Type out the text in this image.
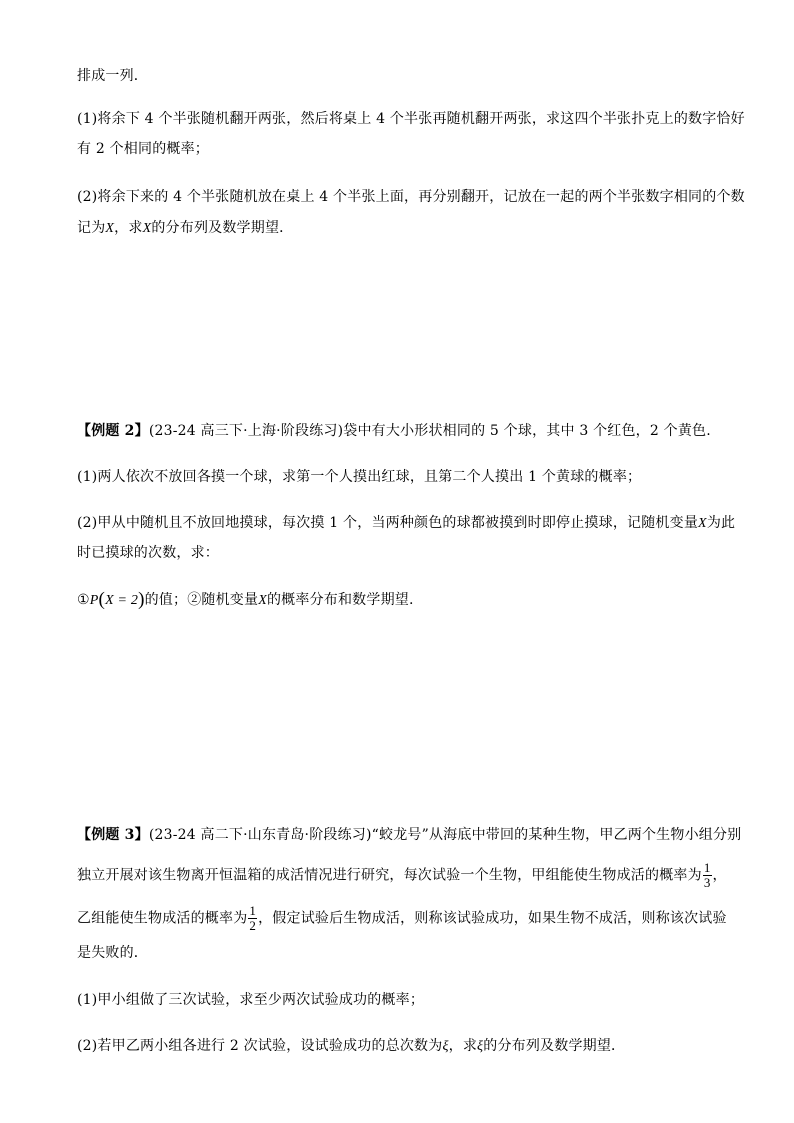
排成一列．
(1)将余下 4 个半张随机翻开两张，然后将桌上 4 个半张再随机翻开两张，求这四个半张扑克上的数字恰好
有 2 个相同的概率；
(2)将余下来的 4 个半张随机放在桌上 4 个半张上面，再分别翻开，记放在一起的两个半张数字相同的个数
记为X，求X的分布列及数学期望．
【例题 2】(23-24 高三下·上海·阶段练习)袋中有大小形状相同的 5 个球，其中 3 个红色，2 个黄色.
(1)两人依次不放回各摸一个球，求第一个人摸出红球，且第二个人摸出 1 个黄球的概率；
(2)甲从中随机且不放回地摸球，每次摸 1 个，当两种颜色的球都被摸到时即停止摸球，记随机变量X为此
时已摸球的次数，求：
①P(X = 2)的值；②随机变量X的概率分布和数学期望.
【例题 3】(23-24 高二下·山东青岛·阶段练习)“蛟龙号”从海底中带回的某种生物，甲乙两个生物小组分别
独立开展对该生物离开恒温箱的成活情况进行研究，每次试验一个生物，甲组能使生物成活的概率为 $\frac{1}{3}$ ，
乙组能使生物成活的概率为 $\frac{1}{2}$ ，假定试验后生物成活，则称该试验成功，如果生物不成活，则称该次试验
是失败的．
(1)甲小组做了三次试验，求至少两次试验成功的概率；
(2)若甲乙两小组各进行 2 次试验，设试验成功的总次数为ξ，求ξ的分布列及数学期望．
